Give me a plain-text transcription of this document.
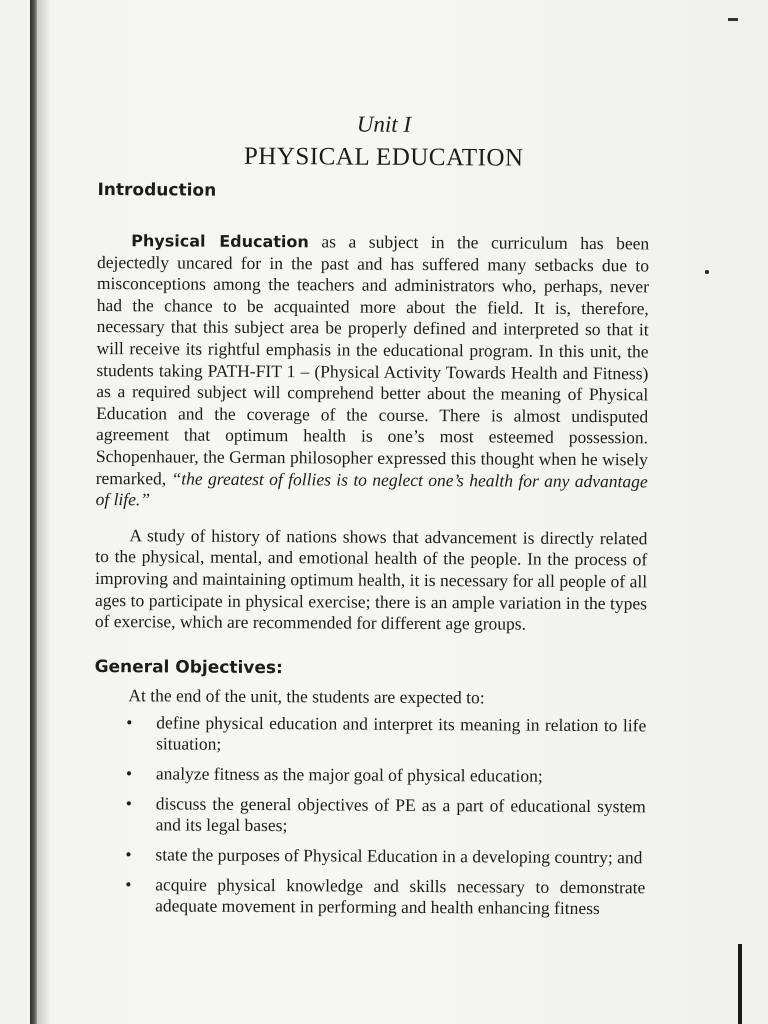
Unit I
PHYSICAL EDUCATION
Introduction

Physical Education as a subject in the curriculum has been dejectedly uncared for in the past and has suffered many setbacks due to misconceptions among the teachers and administrators who, perhaps, never had the chance to be acquainted more about the field. It is, therefore, necessary that this subject area be properly defined and interpreted so that it will receive its rightful emphasis in the educational program. In this unit, the students taking PATH-FIT 1 – (Physical Activity Towards Health and Fitness) as a required subject will comprehend better about the meaning of Physical Education and the coverage of the course. There is almost undisputed agreement that optimum health is one’s most esteemed possession. Schopenhauer, the German philosopher expressed this thought when he wisely remarked, “the greatest of follies is to neglect one’s health for any advantage of life.”

A study of history of nations shows that advancement is directly related to the physical, mental, and emotional health of the people. In the process of improving and maintaining optimum health, it is necessary for all people of all ages to participate in physical exercise; there is an ample variation in the types of exercise, which are recommended for different age groups.

General Objectives:

At the end of the unit, the students are expected to:

• define physical education and interpret its meaning in relation to life situation;
• analyze fitness as the major goal of physical education;
• discuss the general objectives of PE as a part of educational system and its legal bases;
• state the purposes of Physical Education in a developing country; and
• acquire physical knowledge and skills necessary to demonstrate adequate movement in performing and health enhancing fitness
